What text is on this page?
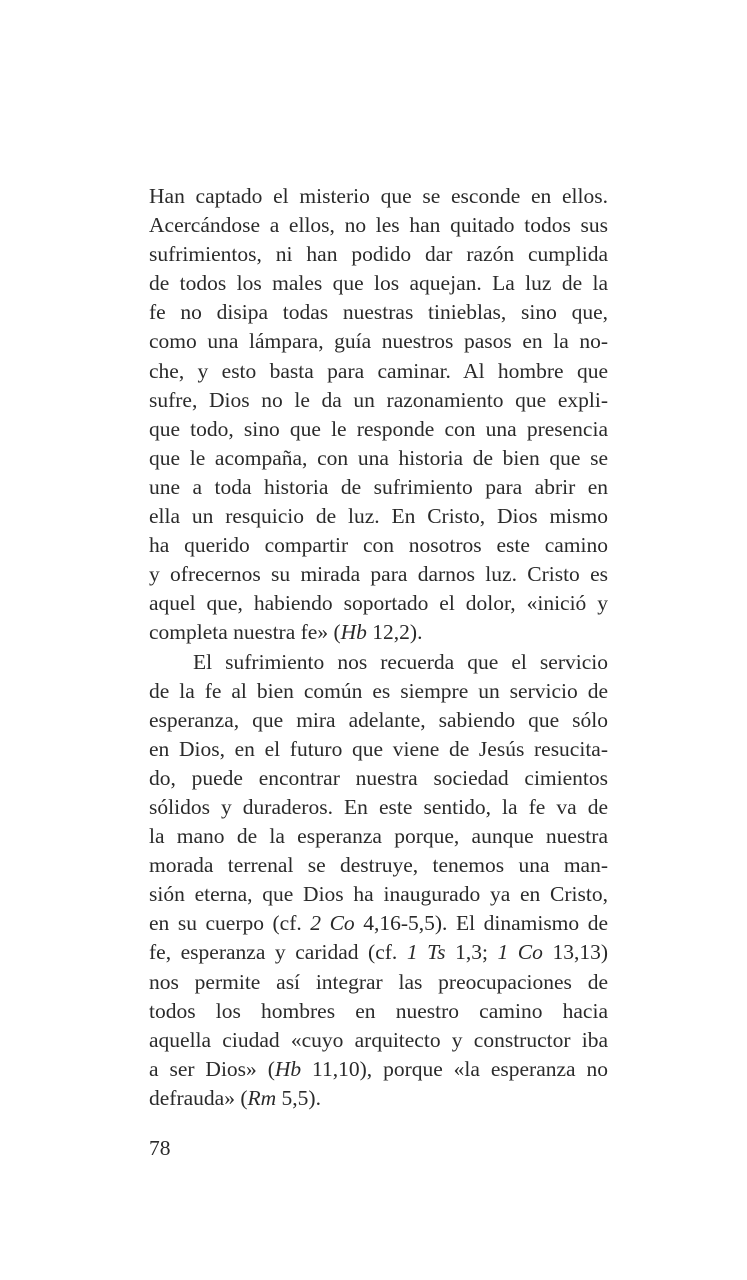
Han captado el misterio que se esconde en ellos.
Acercándose a ellos, no les han quitado todos sus
sufrimientos, ni han podido dar razón cumplida
de todos los males que los aquejan. La luz de la
fe no disipa todas nuestras tinieblas, sino que,
como una lámpara, guía nuestros pasos en la no-
che, y esto basta para caminar. Al hombre que
sufre, Dios no le da un razonamiento que expli-
que todo, sino que le responde con una presencia
que le acompaña, con una historia de bien que se
une a toda historia de sufrimiento para abrir en
ella un resquicio de luz. En Cristo, Dios mismo
ha querido compartir con nosotros este camino
y ofrecernos su mirada para darnos luz. Cristo es
aquel que, habiendo soportado el dolor, «inició y
completa nuestra fe» (Hb 12,2).
El sufrimiento nos recuerda que el servicio
de la fe al bien común es siempre un servicio de
esperanza, que mira adelante, sabiendo que sólo
en Dios, en el futuro que viene de Jesús resucita-
do, puede encontrar nuestra sociedad cimientos
sólidos y duraderos. En este sentido, la fe va de
la mano de la esperanza porque, aunque nuestra
morada terrenal se destruye, tenemos una man-
sión eterna, que Dios ha inaugurado ya en Cristo,
en su cuerpo (cf. 2 Co 4,16-5,5). El dinamismo de
fe, esperanza y caridad (cf. 1 Ts 1,3; 1 Co 13,13)
nos permite así integrar las preocupaciones de
todos los hombres en nuestro camino hacia
aquella ciudad «cuyo arquitecto y constructor iba
a ser Dios» (Hb 11,10), porque «la esperanza no
defrauda» (Rm 5,5).
78
